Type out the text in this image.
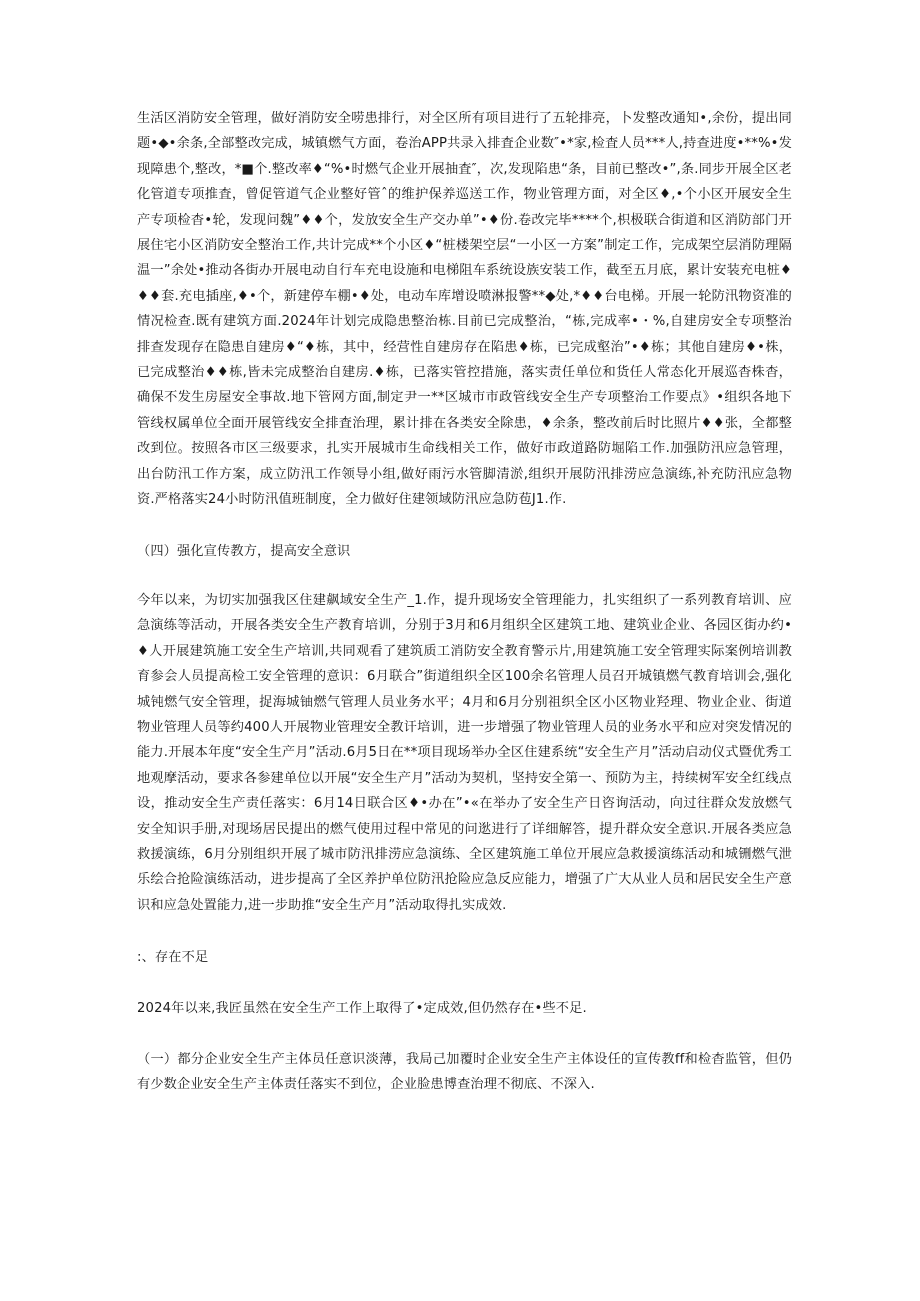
生活区消防安全管理，做好消防安全唠患排行，对全区所有项目进行了五轮排亮，卜发整改通知•,余份，提出同题•◆•余条,全部整改完成，城镇燃气方面，卷治APP共录入排査企业数″•*家,检査人员***人,持查进度•**%•发现障患个,整改，*■个.整改率♦“%•时燃气企业开展抽査″，次,发现陷患“条，目前已整改•”,条.同步开展全区老化管道专项推査，曾促管道气企业整好管ˆ的维护保养巡送工作，物业管理方面，对全区♦,•个小区开展安全生产专项检杳•轮，发现问魏”♦♦个，发放安全生产交办单”•♦份.卷改完毕****个,枳极联合街道和区消防部门开展住宅小区消防安全整治工作,共计完成**个小区♦“桩楼架空层“一小区一方案”制定工作，完成架空层消防理隔温一”余处•推动各街办开展电动自行车充电设施和电梯阻车系统设族安装工作，截至五月底，累计安装充电桩♦♦♦套.充电插座,♦•个，新建停车棚•♦处，电动车库增设喷淋报警**◆处,*♦♦台电梯。开展一轮防汛物资准的情况检查.既有建筑方面.2024年计划完成隐患整治栋.目前已完成整治，“栋,完成率•・%,自建房安全专项整治排查发现存在隐患自建房♦“♦栋，其中，经营性自建房存在陷患♦栋，已完成壑治”•♦栋；其他自建房♦•株，已完成整治♦♦栋,皆未完成整治自建房.♦栋，已落实管控措施，落实责任单位和货任人常态化开展巡杳株杳，确保不发生房屋安全事故.地下管网方面,制定尹一**区城市市政管线安全生产专项整治工作要点》•组织各地下管线权属单位全面开展管线安全排査治理，累计排在各类安全除患，♦余条，整改前后时比照片♦♦张，全都整改到位。按照各市区三级要求，扎实开展城市生命线相关工作，做好市政道路防堀陷工作.加强防汛应急管理，出台防汛工作方案，成立防汛工作领导小组,做好雨污水管脚清淤,组织开展防汛排涝应急演练,补充防汛应急物资.严格落实24小时防汛值班制度，全力做好住建领域防汛应急防苞J1.作.

（四）强化宣传教方，提高安全意识

今年以来，为切实加强我区住建飙域安全生产_1.作，提升现场安全管理能力，扎实组织了一系列教育培训、应急演练等活动，开展各类安全生产教育培训，分别于3月和6月组织全区建筑工地、建筑业企业、各园区街办约•♦人开展建筑施工安全生产培训,共同观看了建筑质工消防安全教育警示片,用建筑施工安全管理实际案例培训教育参会人员提高检工安全管理的意识：6月联合”街道组织全区100余名管理人员召开城镇燃气教育培训会,强化城钝燃气安全管理，捉海城铀燃气管理人员业务水平；4月和6月分别祖织全区小区物业羟理、物业企业、街道物业管理人员等约400人开展物业管理安全教讦培训，进一步增强了物业管理人员的业务水平和应对突发情况的能力.开展本年度“安全生产月”活动.6月5日在**项目现场举办全区住建系统“安全生产月”活动启动仪式暨优秀工地观摩活动，要求各参建单位以开展“安全生产月”活动为契机，坚持安全第一、预防为主，持续树军安全红线点设，推动安全生产责任落实：6月14日联合区♦•办在”•«在举办了安全生产日咨询活动，向过往群众发放燃气安全知识手册,对现场居民提出的燃气使用过程中常见的问逖进行了详细解答，提升群众安全意识.开展各类应急救援演练，6月分别组织开展了城市防汛排涝应急演练、全区建筑施工单位开展应急救援演练活动和城铏燃气泄乐绘合抢险演练活动，进步提高了全区养护单位防汛抢险应急反应能力，增强了广大从业人员和居民安全生产意识和应急处置能力,进一步助推“安全生产月”活动取得扎实成效.

:、存在不足

2024年以来,我匠虽然在安全生产工作上取得了•定成效,但仍然存在•些不足.

（一）都分企业安全生产主体员任意识淡薄，我局己加覆时企业安全生产主体设任的宣传教ff和检杳监管，但仍有少数企业安全生产主体责任落实不到位，企业脸患博查治理不彻底、不深入.
